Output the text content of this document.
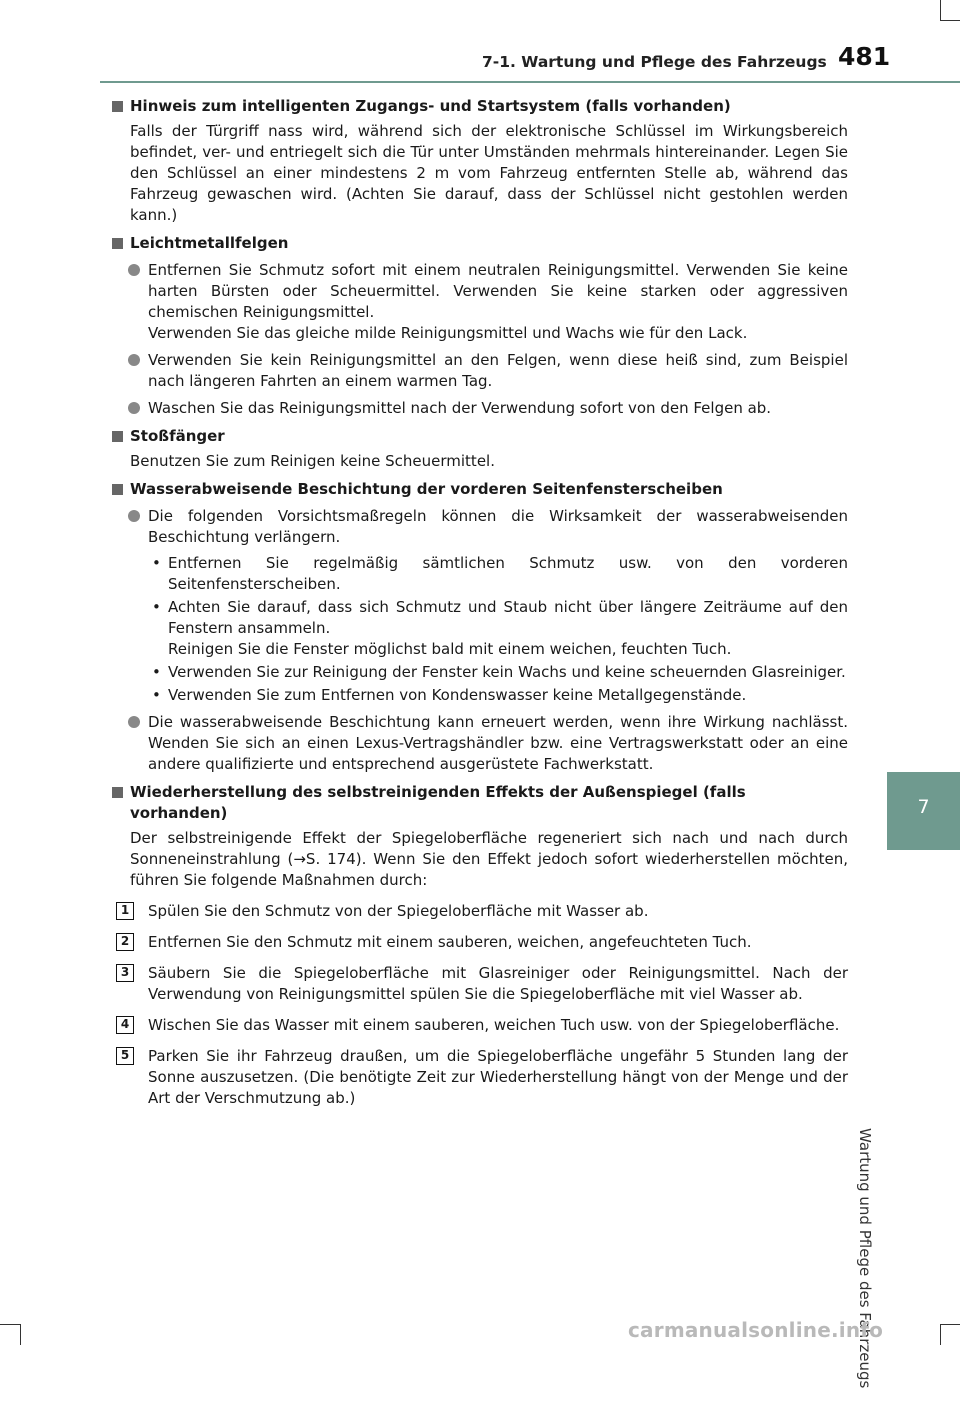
7-1. Wartung und Pflege des Fahrzeugs 481
7
Wartung und Pflege des Fahrzeugs
Hinweis zum intelligenten Zugangs- und Startsystem (falls vorhanden)
Falls der Türgriff nass wird, während sich der elektronische Schlüssel im Wirkungsbereich befindet, ver- und entriegelt sich die Tür unter Umständen mehrmals hintereinander. Legen Sie den Schlüssel an einer mindestens 2 m vom Fahrzeug entfernten Stelle ab, während das Fahrzeug gewaschen wird. (Achten Sie darauf, dass der Schlüssel nicht gestohlen werden kann.)
Leichtmetallfelgen
Entfernen Sie Schmutz sofort mit einem neutralen Reinigungsmittel. Verwenden Sie keine harten Bürsten oder Scheuermittel. Verwenden Sie keine starken oder aggressiven chemischen Reinigungsmittel.
Verwenden Sie das gleiche milde Reinigungsmittel und Wachs wie für den Lack.
Verwenden Sie kein Reinigungsmittel an den Felgen, wenn diese heiß sind, zum Beispiel nach längeren Fahrten an einem warmen Tag.
Waschen Sie das Reinigungsmittel nach der Verwendung sofort von den Felgen ab.
Stoßfänger
Benutzen Sie zum Reinigen keine Scheuermittel.
Wasserabweisende Beschichtung der vorderen Seitenfensterscheiben
Die folgenden Vorsichtsmaßregeln können die Wirksamkeit der wasserabweisenden Beschichtung verlängern.
• Entfernen Sie regelmäßig sämtlichen Schmutz usw. von den vorderen Seitenfensterscheiben.
• Achten Sie darauf, dass sich Schmutz und Staub nicht über längere Zeiträume auf den Fenstern ansammeln.
Reinigen Sie die Fenster möglichst bald mit einem weichen, feuchten Tuch.
• Verwenden Sie zur Reinigung der Fenster kein Wachs und keine scheuernden Glasreiniger.
• Verwenden Sie zum Entfernen von Kondenswasser keine Metallgegenstände.
Die wasserabweisende Beschichtung kann erneuert werden, wenn ihre Wirkung nachlässt. Wenden Sie sich an einen Lexus-Vertragshändler bzw. eine Vertragswerkstatt oder an eine andere qualifizierte und entsprechend ausgerüstete Fachwerkstatt.
Wiederherstellung des selbstreinigenden Effekts der Außenspiegel (falls vorhanden)
Der selbstreinigende Effekt der Spiegeloberfläche regeneriert sich nach und nach durch Sonneneinstrahlung (→S. 174). Wenn Sie den Effekt jedoch sofort wiederherstellen möchten, führen Sie folgende Maßnahmen durch:
1	Spülen Sie den Schmutz von der Spiegeloberfläche mit Wasser ab.
2	Entfernen Sie den Schmutz mit einem sauberen, weichen, angefeuchteten Tuch.
3	Säubern Sie die Spiegeloberfläche mit Glasreiniger oder Reinigungsmittel. Nach der Verwendung von Reinigungsmittel spülen Sie die Spiegeloberfläche mit viel Wasser ab.
4	Wischen Sie das Wasser mit einem sauberen, weichen Tuch usw. von der Spiegeloberfläche.
5	Parken Sie ihr Fahrzeug draußen, um die Spiegeloberfläche ungefähr 5 Stunden lang der Sonne auszusetzen. (Die benötigte Zeit zur Wiederherstellung hängt von der Menge und der Art der Verschmutzung ab.)
carmanualsonline.info
